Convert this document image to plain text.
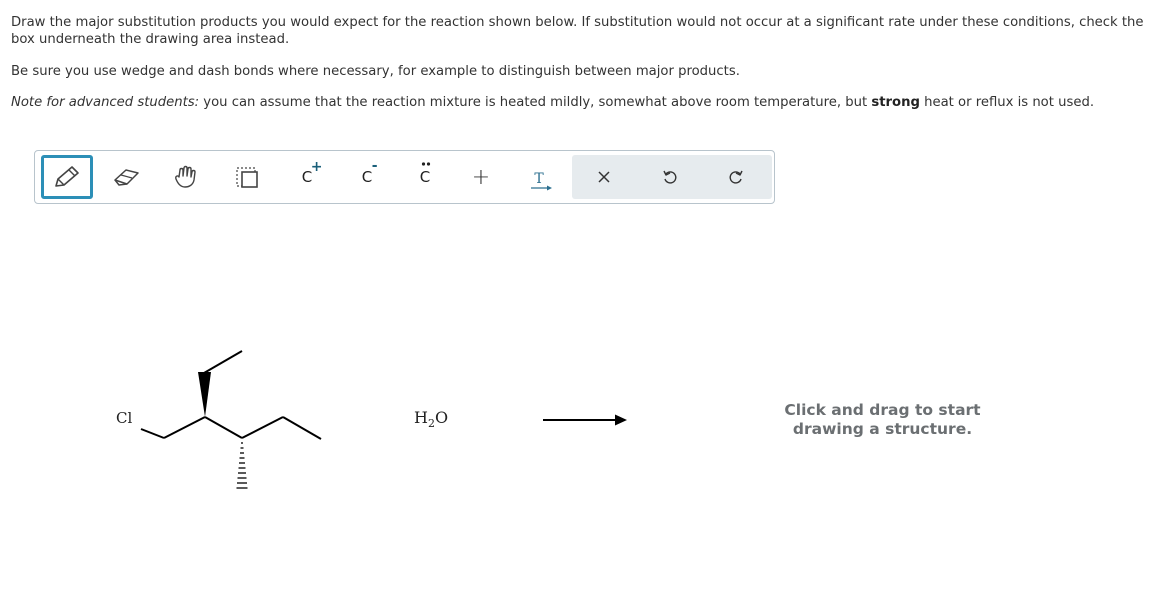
Draw the major substitution products you would expect for the reaction shown below. If substitution would not occur at a significant rate under these conditions, check the box underneath the drawing area instead.

Be sure you use wedge and dash bonds where necessary, for example to distinguish between major products.

Note for advanced students: you can assume that the reaction mixture is heated mildly, somewhat above room temperature, but strong heat or reflux is not used.

C
+
C
-
C +	T
Cl	$H_2O$	Click and drag to start
drawing a structure.
